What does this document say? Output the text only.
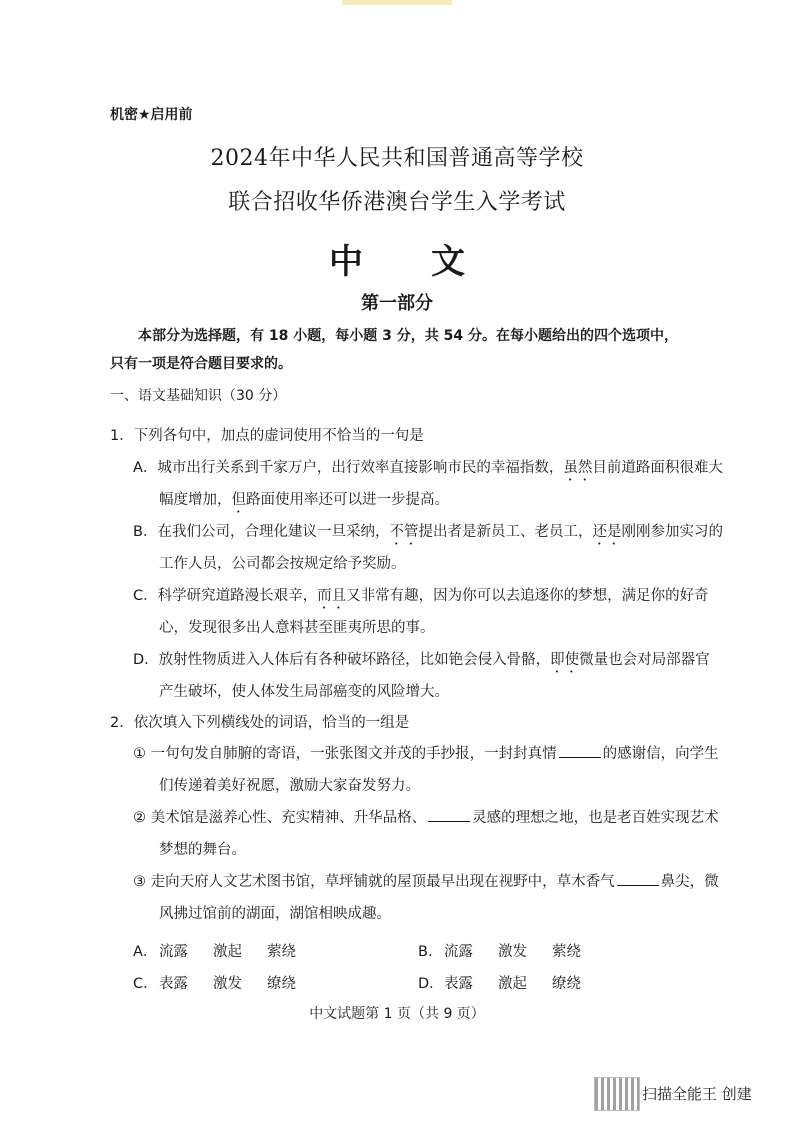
机密★启用前
2024年中华人民共和国普通高等学校
联合招收华侨港澳台学生入学考试
中文
第一部分
本部分为选择题，有 18 小题，每小题 3 分，共 54 分。在每小题给出的四个选项中，
只有一项是符合题目要求的。
一、语文基础知识（30 分）
1．下列各句中，加点的虚词使用不恰当的一句是
A．城市出行关系到千家万户，出行效率直接影响市民的幸福指数，虽然目前道路面积很难大幅度增加，但路面使用率还可以进一步提高。
B．在我们公司，合理化建议一旦采纳，不管提出者是新员工、老员工，还是刚刚参加实习的工作人员，公司都会按规定给予奖励。
C．科学研究道路漫长艰辛，而且又非常有趣，因为你可以去追逐你的梦想，满足你的好奇心，发现很多出人意料甚至匪夷所思的事。
D．放射性物质进入人体后有各种破坏路径，比如铯会侵入骨骼，即使微量也会对局部器官产生破坏，使人体发生局部癌变的风险增大。
2．依次填入下列横线处的词语，恰当的一组是
① 一句句发自肺腑的寄语，一张张图文并茂的手抄报，一封封真情	的感谢信，向学生们传递着美好祝愿，激励大家奋发努力。
② 美术馆是滋养心性、充实精神、升华品格、	灵感的理想之地，也是老百姓实现艺术梦想的舞台。
③ 走向天府人文艺术图书馆，草坪铺就的屋顶最早出现在视野中，草木香气	鼻尖，微风拂过馆前的湖面，湖馆相映成趣。
A． 流露 激起 萦绕	B． 流露 激发 萦绕
C．表露 激发 缭绕	D．表露 激起 缭绕
中文试题第 1 页（共 9 页）
扫描全能王 创建
